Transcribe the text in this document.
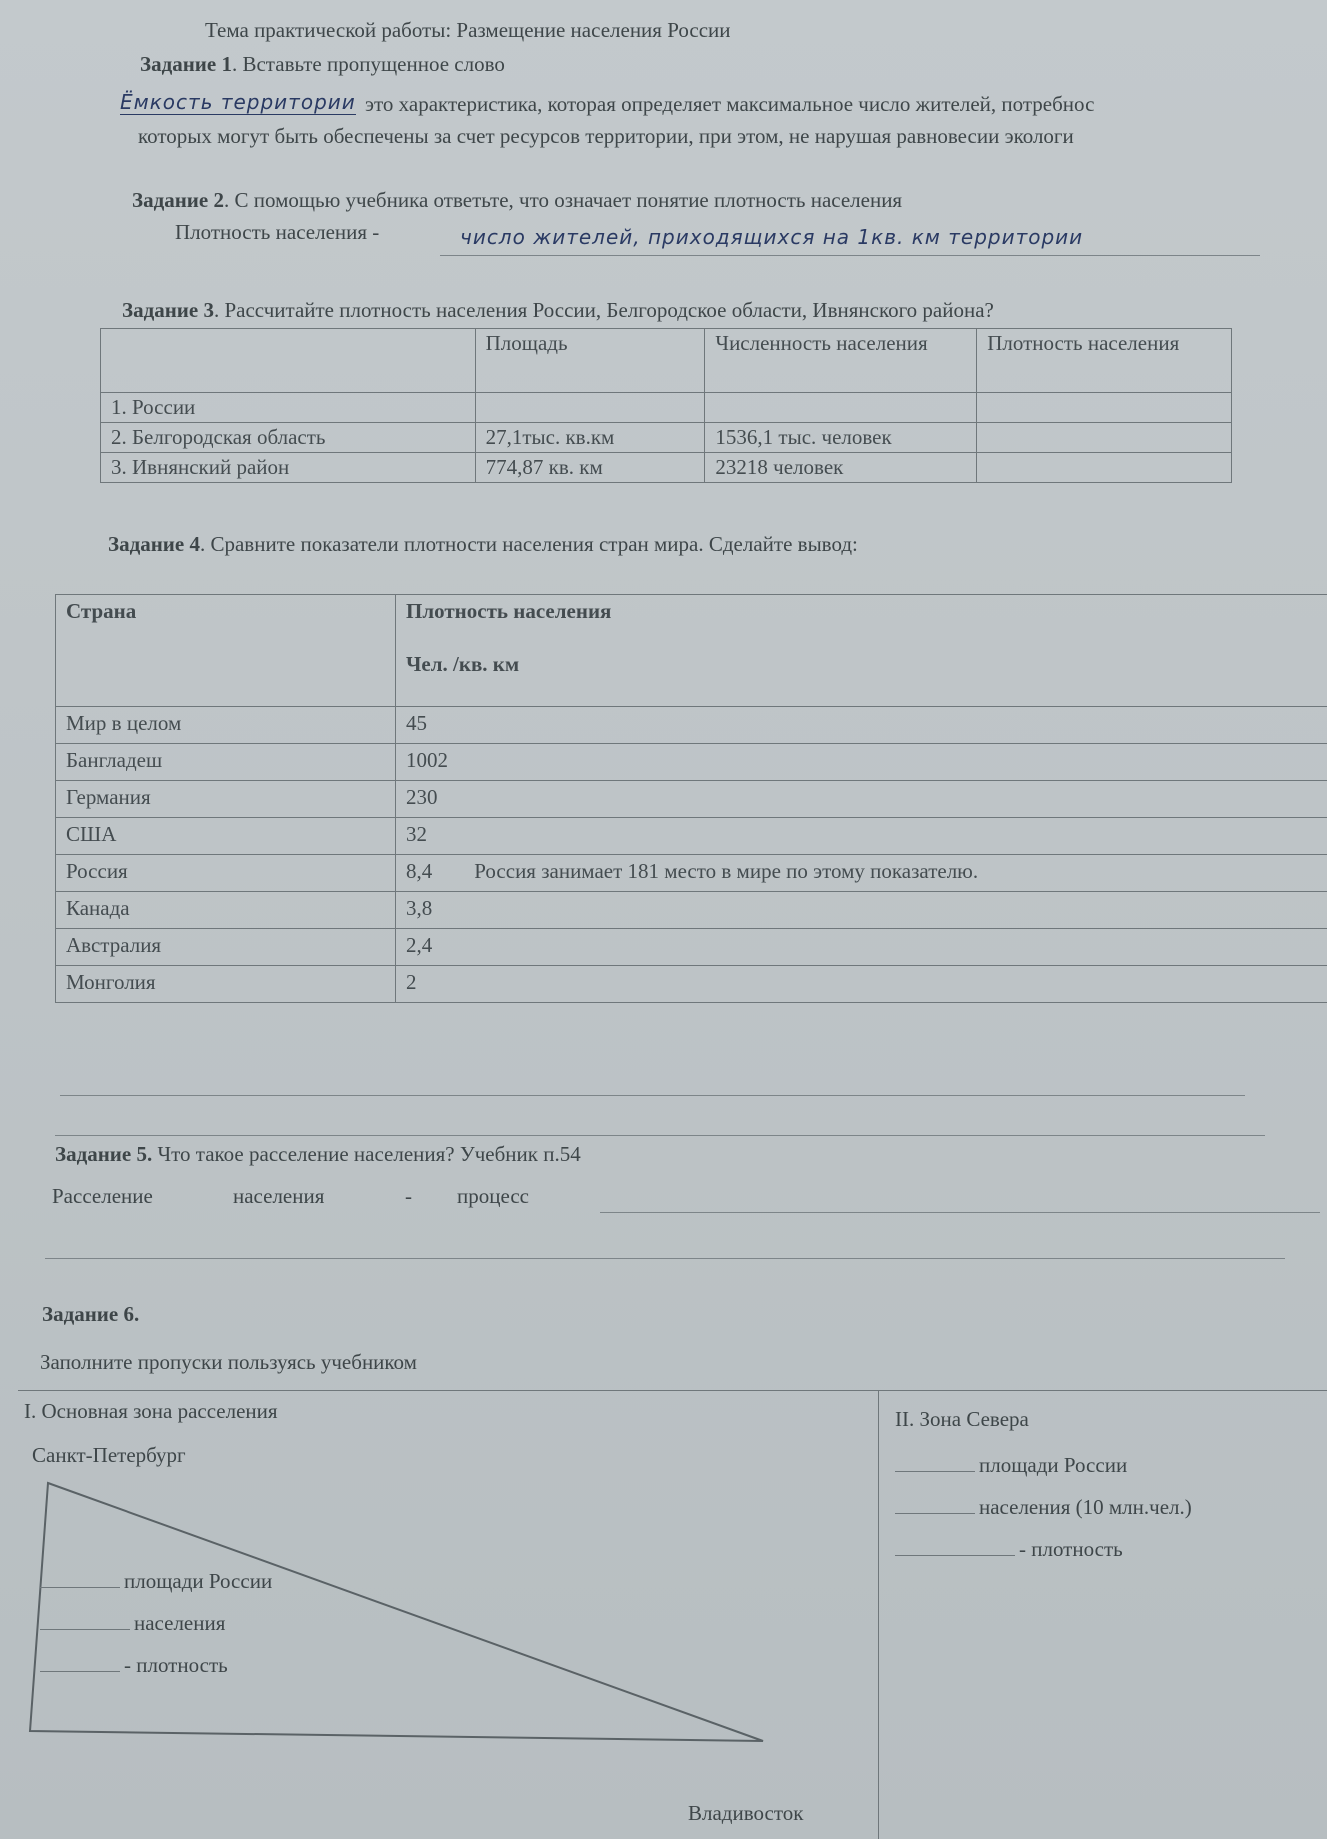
Тема практической работы: Размещение населения России
Задание 1. Вставьте пропущенное слово
Ёмкость территории это характеристика, которая определяет максимальное число жителей, потребнос
которых могут быть обеспечены за счет ресурсов территории, при этом, не нарушая равновесии экологи
Задание 2. С помощью учебника ответьте, что означает понятие плотность населения
Плотность населения -	число жителей, приходящихся на 1кв. км территории
Задание 3. Рассчитайте плотность населения России, Белгородское области, Ивнянского района?
	Площадь	Численность населения	Плотность населения
1. России			
2. Белгородская область	27,1тыс. кв.км	1536,1 тыс. человек	
3. Ивнянский район	774,87 кв. км	23218 человек	
Задание 4. Сравните показатели плотности населения стран мира. Сделайте вывод:
Страна	Плотность населения
Чел. /кв. км

Мир в целом	45
Бангладеш	1002
Германия	230
США	32
Россия	8,4 Россия занимает 181 место в мире по этому показателю.
Канада	3,8
Австралия	2,4
Монголия	2
Задание 5. Что такое расселение населения? Учебник п.54
Расселение	населения	- процесс
Задание 6.
Заполните пропуски пользуясь учебником
I. Основная зона расселения
Санкт-Петербург
площади России
населения
- плотность
Владивосток
II. Зона Севера
площади России
населения (10 млн.чел.)
- плотность
